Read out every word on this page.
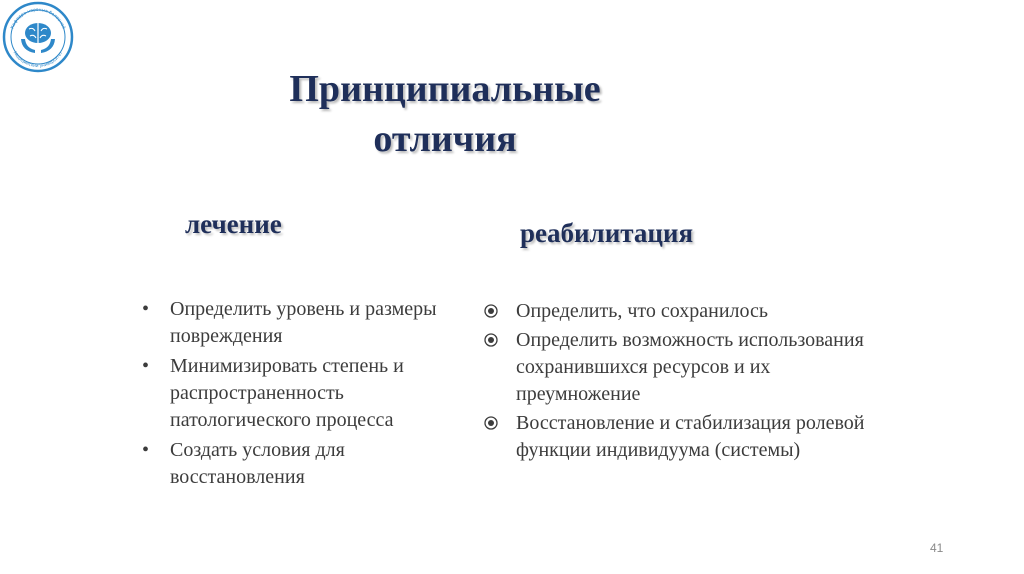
Кафедра нервных болезней
Медицинский университет
Принципиальные
отличия
лечение	реабилитация
• Определить уровень и размеры повреждения
• Минимизировать степень и распространенность патологического процесса
• Создать условия для восстановления
Определить, что сохранилось
Определить возможность использования сохранившихся ресурсов и их преумножение
Восстановление и стабилизация ролевой функции индивидуума (системы)
41
